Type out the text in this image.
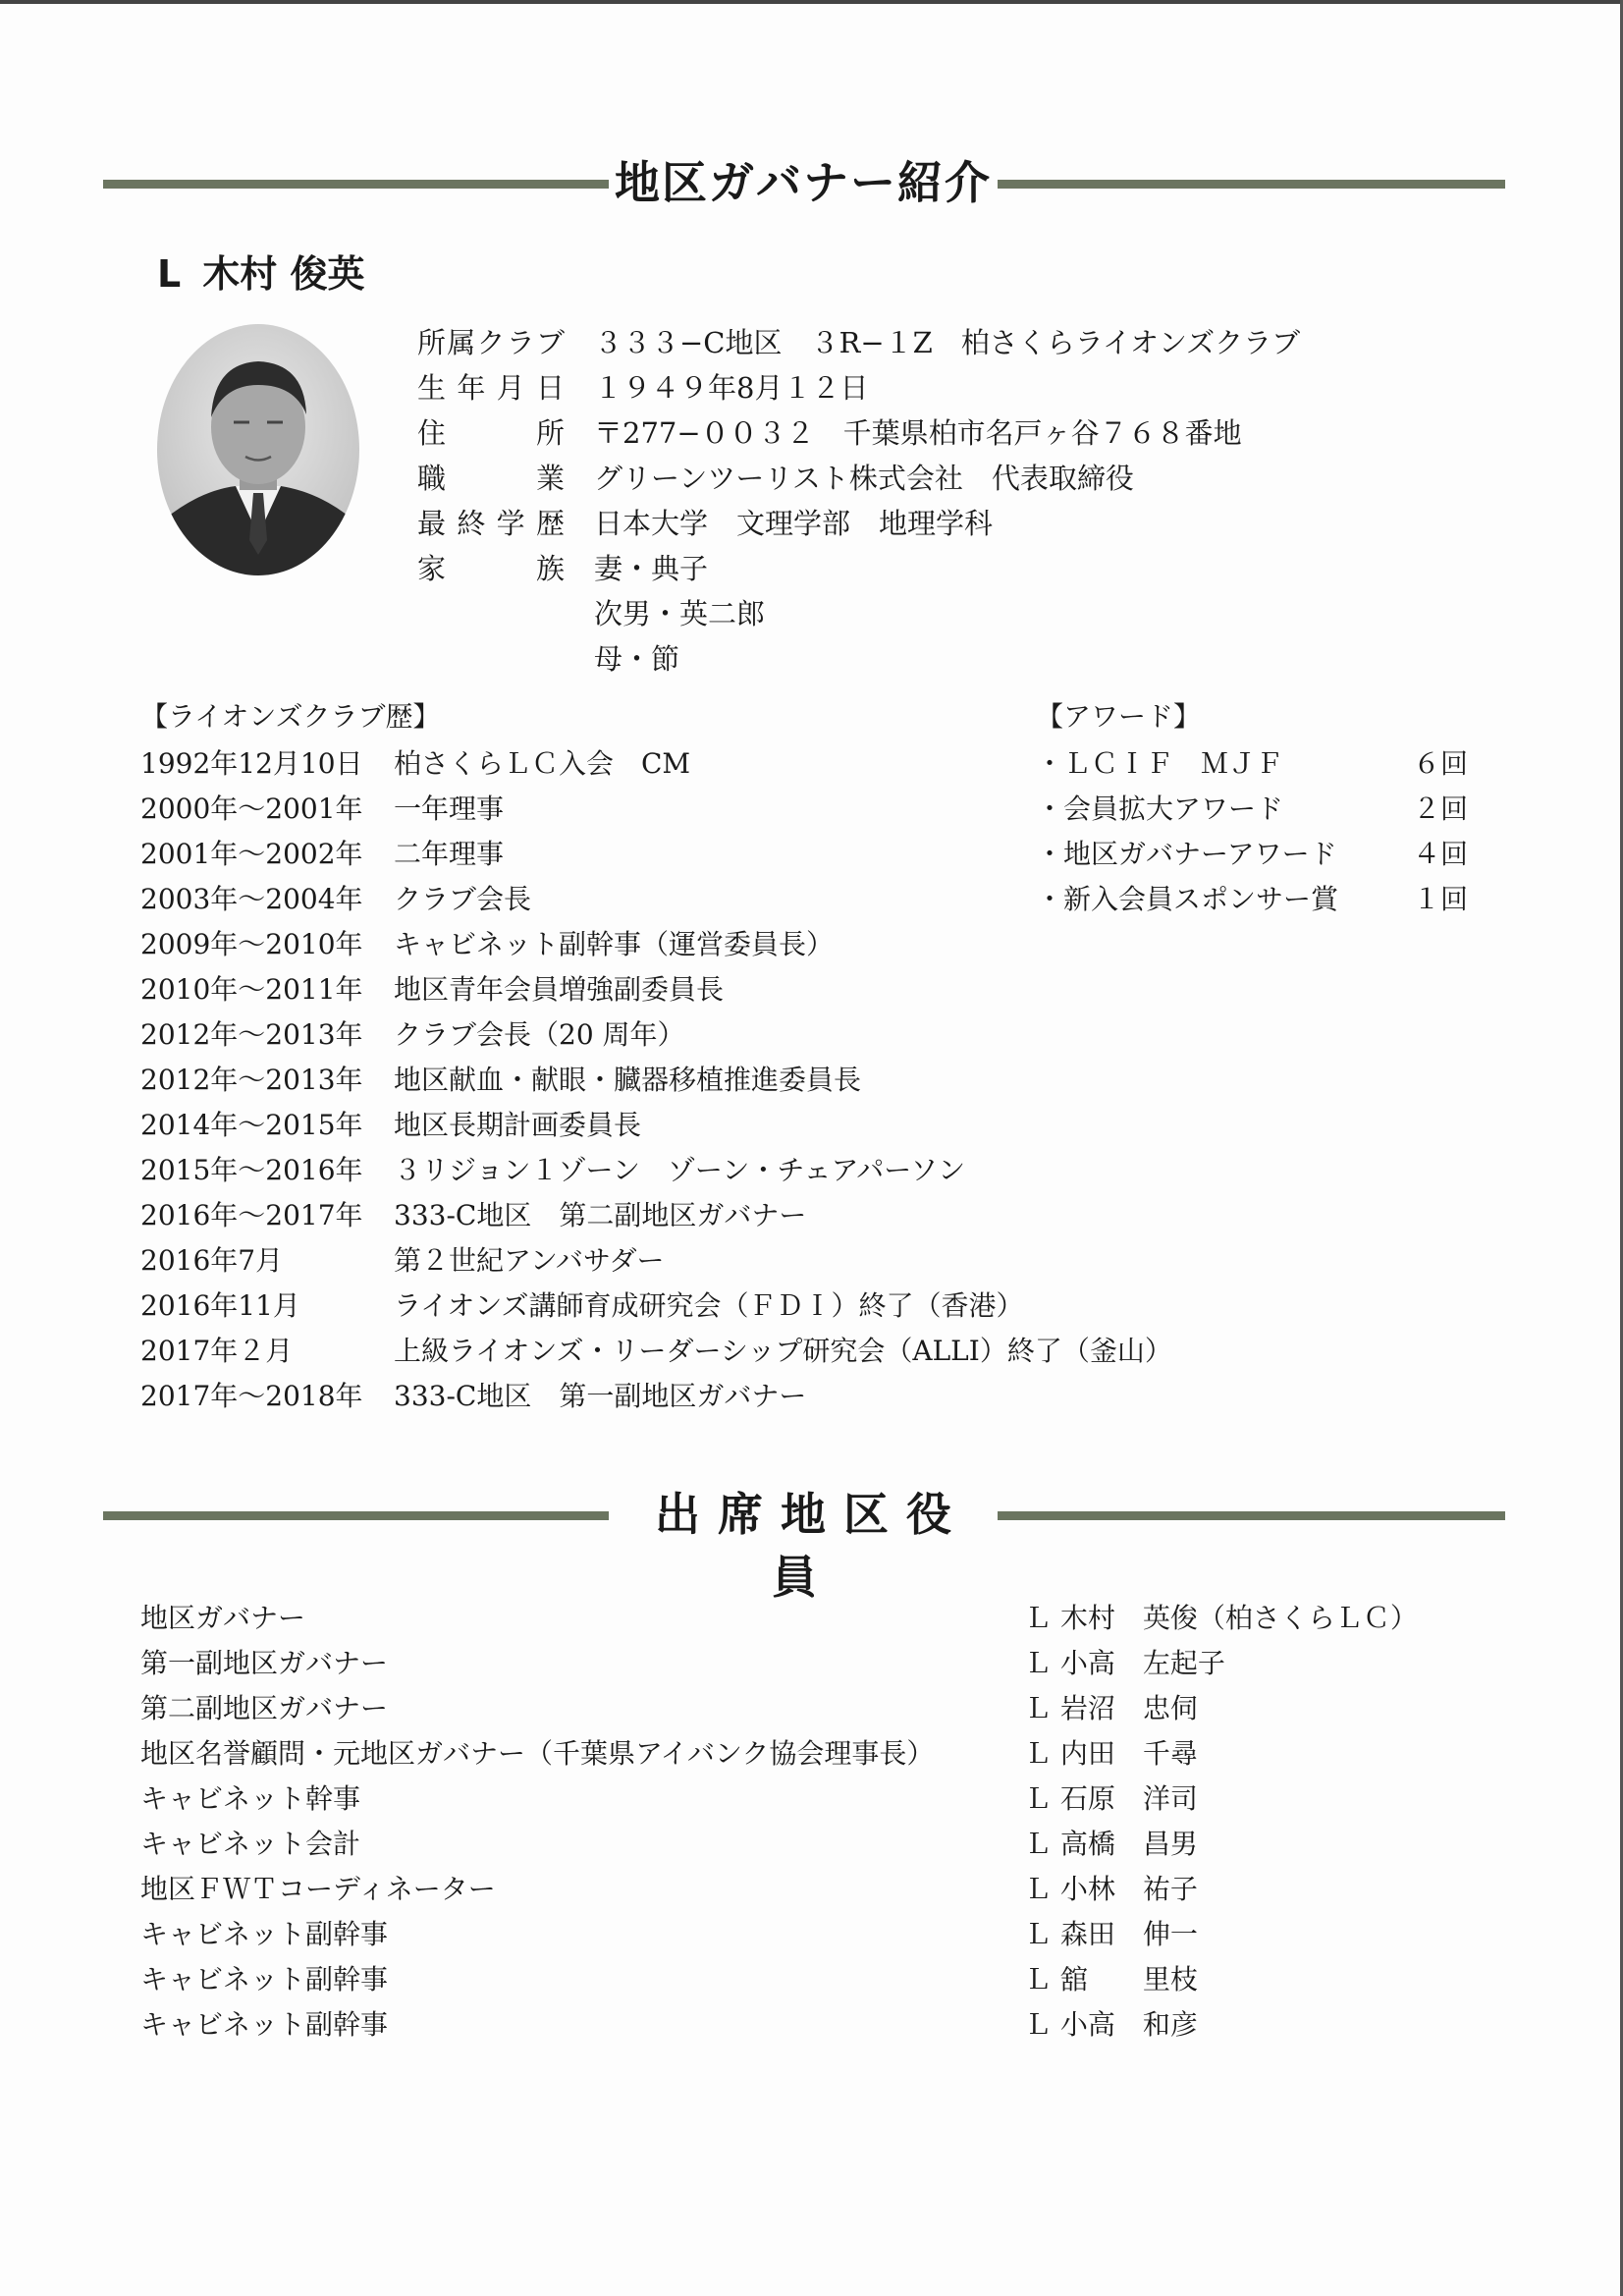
地区ガバナー紹介
L 木村 俊英
所属クラブ ３３３−C地区　３R−１Z　柏さくらライオンズクラブ
生年月日 １９４９年8月１２日
住所 〒277−００３２　千葉県柏市名戸ヶ谷７６８番地
職業 グリーンツーリスト株式会社　代表取締役
最終学歴 日本大学　文理学部　地理学科
家族 妻・典子
次男・英二郎
母・節
【ライオンズクラブ歴】	【アワード】
1992年12月10日 柏さくらＬＣ入会　CM
2000年〜2001年 一年理事
2001年〜2002年 二年理事
2003年〜2004年 クラブ会長
2009年〜2010年 キャビネット副幹事（運営委員長）
2010年〜2011年 地区青年会員増強副委員長
2012年〜2013年 クラブ会長（20 周年）
2012年〜2013年 地区献血・献眼・臓器移植推進委員長
2014年〜2015年 地区長期計画委員長
2015年〜2016年 ３リジョン１ゾーン　ゾーン・チェアパーソン
2016年〜2017年 333-C地区　第二副地区ガバナー
2016年7月	第２世紀アンバサダー
2016年11月	ライオンズ講師育成研究会（ＦＤＩ）終了（香港）
2017年２月	上級ライオンズ・リーダーシップ研究会（ALLI）終了（釜山）
2017年〜2018年 333-C地区　第一副地区ガバナー
・ＬＣＩＦ　ＭＪＦ	６回
・会員拡大アワード	２回
・地区ガバナーアワード	４回
・新入会員スポンサー賞	１回
出席地区役員
地区ガバナー	Ｌ 木村　英俊（柏さくらＬＣ）
第一副地区ガバナー	Ｌ 小高　左起子
第二副地区ガバナー	Ｌ 岩沼　忠伺
地区名誉顧問・元地区ガバナー（千葉県アイバンク協会理事長）	Ｌ 内田　千尋
キャビネット幹事	Ｌ 石原　洋司
キャビネット会計	Ｌ 高橋　昌男
地区ＦＷＴコーディネーター	Ｌ 小林　祐子
キャビネット副幹事	Ｌ 森田　伸一
キャビネット副幹事	Ｌ 舘　　里枝
キャビネット副幹事	Ｌ 小高　和彦
